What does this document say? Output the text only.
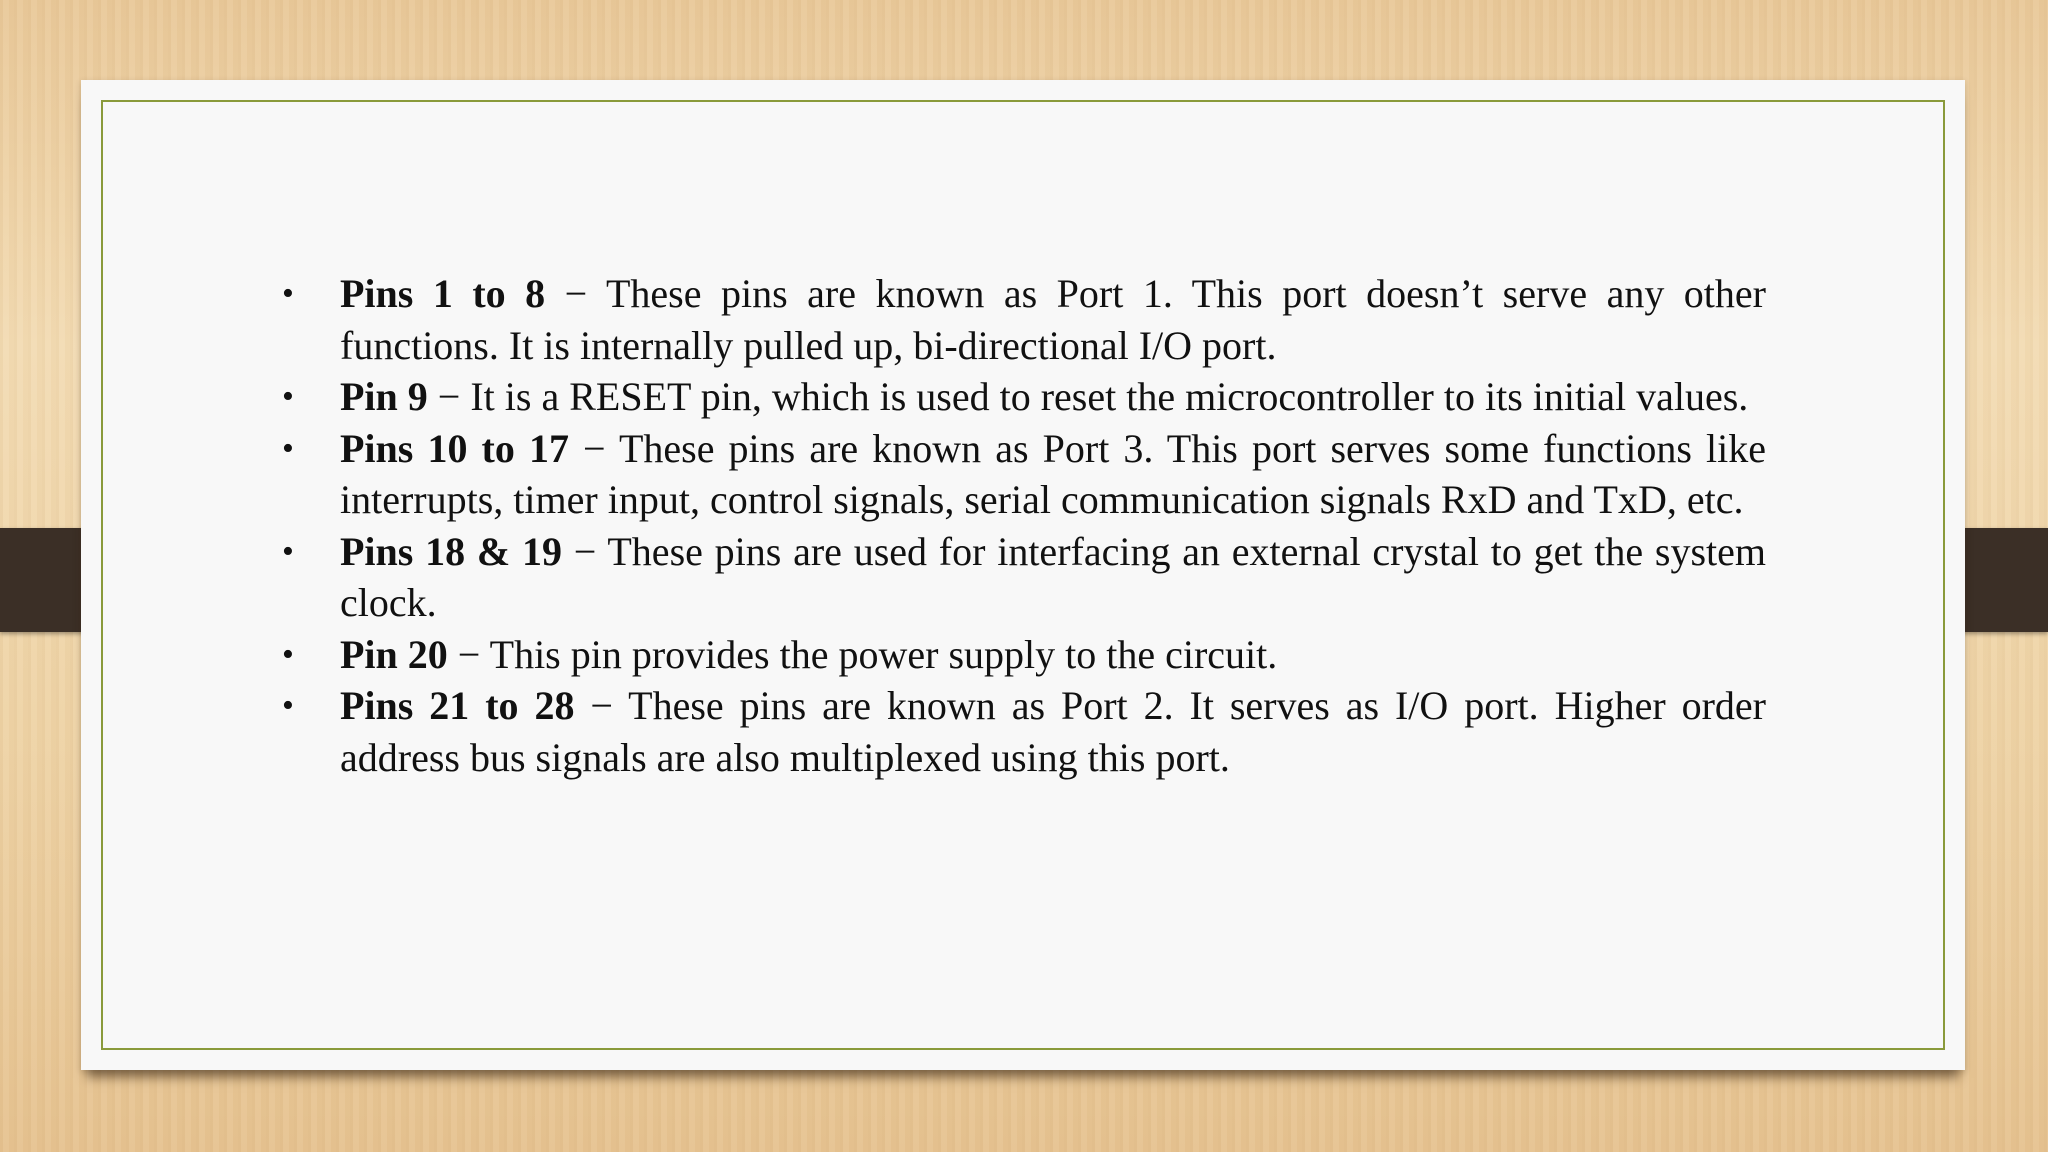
• Pins 1 to 8 − These pins are known as Port 1. This port doesn’t serve any other functions. It is internally pulled up, bi-directional I/O port.
• Pin 9 − It is a RESET pin, which is used to reset the microcontroller to its initial values.
• Pins 10 to 17 − These pins are known as Port 3. This port serves some functions like interrupts, timer input, control signals, serial communication signals RxD and TxD, etc.
• Pins 18 & 19 − These pins are used for interfacing an external crystal to get the system clock.
• Pin 20 − This pin provides the power supply to the circuit.
• Pins 21 to 28 − These pins are known as Port 2. It serves as I/O port. Higher order address bus signals are also multiplexed using this port.
